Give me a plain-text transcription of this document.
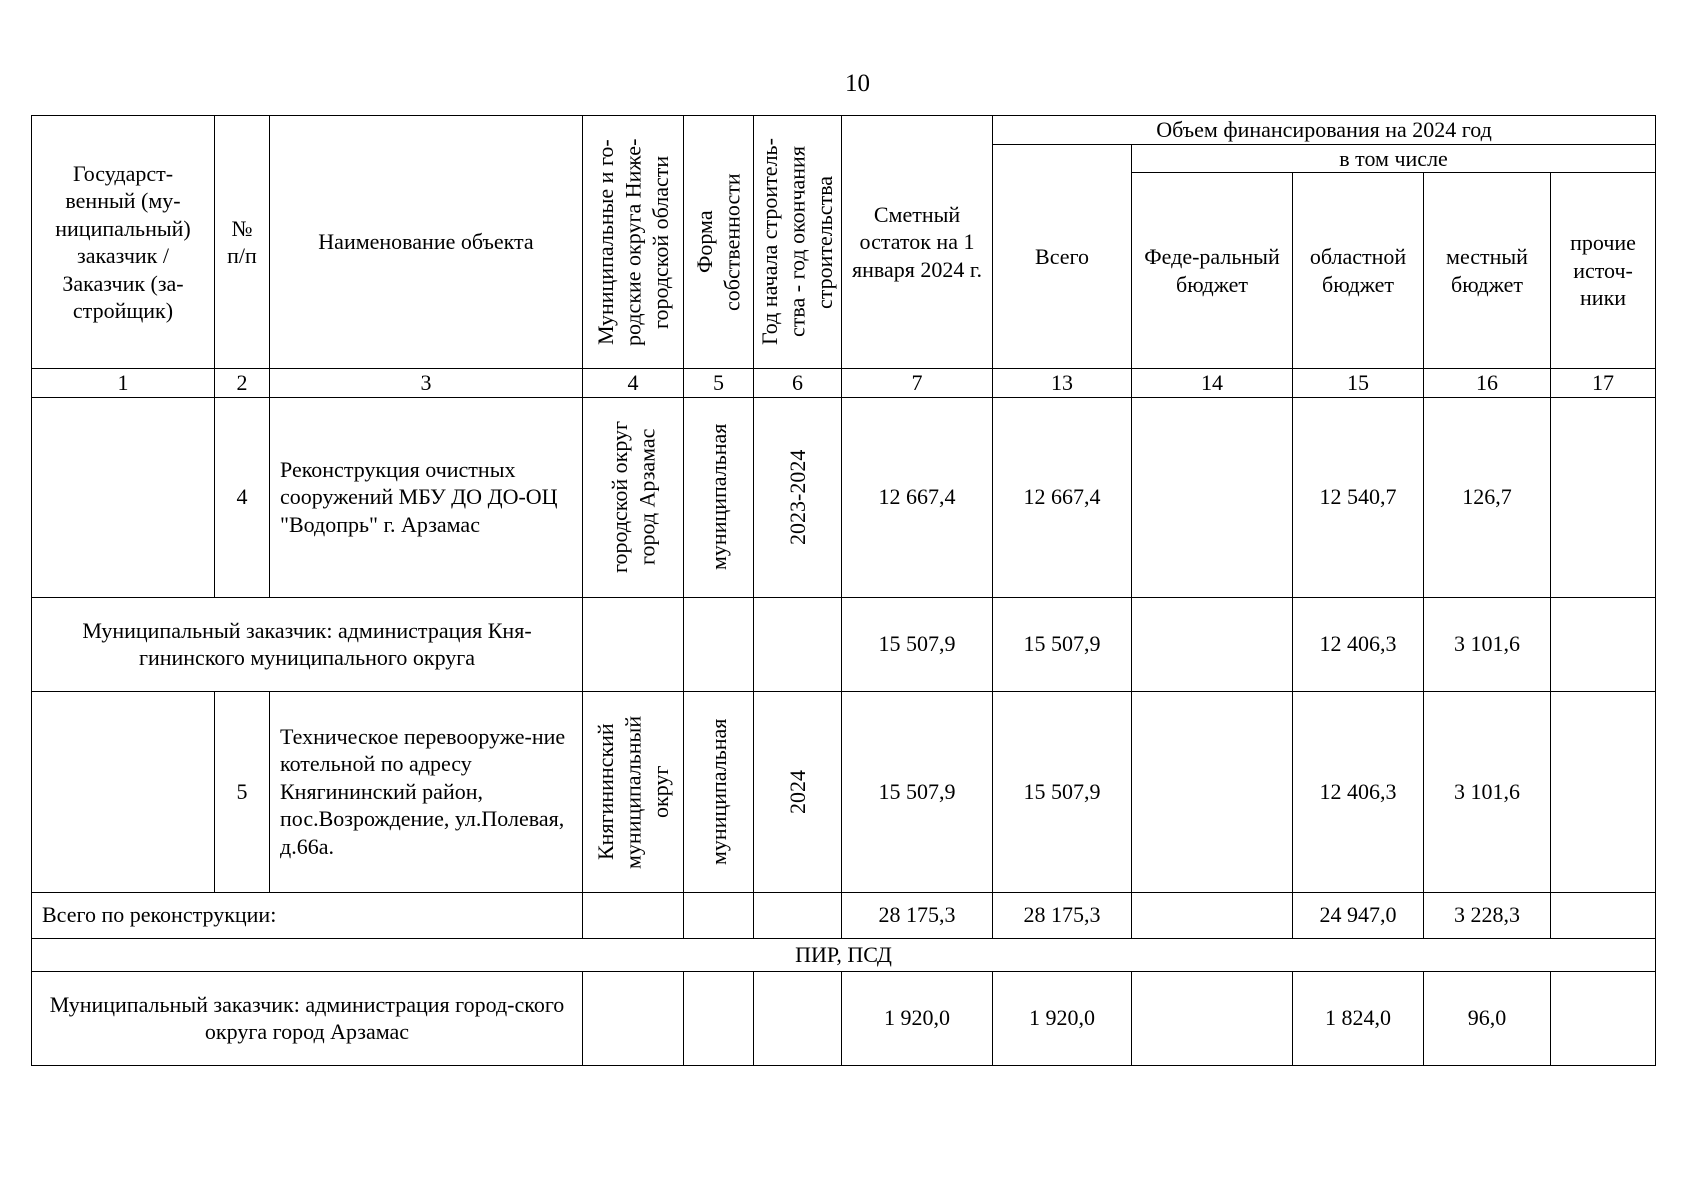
10
Государст-венный (му-ниципальный) заказчик / Заказчик (за-стройщик)	№ п/п	Наименование объекта	Муниципальные и го-родские округа Ниже-городской области	Форма собственности	Год начала строитель-ства - год окончания строительства	Сметный остаток на 1 января 2024 г.	Объем финансирования на 2024 год				
							Всего	в том числе			
								Феде-ральный бюджет	областной бюджет	местный бюджет	прочие источ-ники
1	2	3	4	5	6	7	13	14	15	16	17
	4	Реконструкция очистных сооружений МБУ ДО ДО-ОЦ "Водопрь" г. Арзамас	городской округ город Арзамас	муниципальная	2023-2024	12 667,4	12 667,4		12 540,7	126,7	
Муниципальный заказчик: администрация Кня-гининского муниципального округа						15 507,9	15 507,9		12 406,3	3 101,6	
	5	Техническое перевооруже-ние котельной по адресу Княгининский район, пос.Возрождение, ул.Полевая, д.66а.	Княгининский муниципальный округ	муниципальная	2024	15 507,9	15 507,9		12 406,3	3 101,6	
Всего по реконструкции:						28 175,3	28 175,3		24 947,0	3 228,3	
ПИР, ПСД											
Муниципальный заказчик: администрация город-ского округа город Арзамас						1 920,0	1 920,0		1 824,0	96,0	
